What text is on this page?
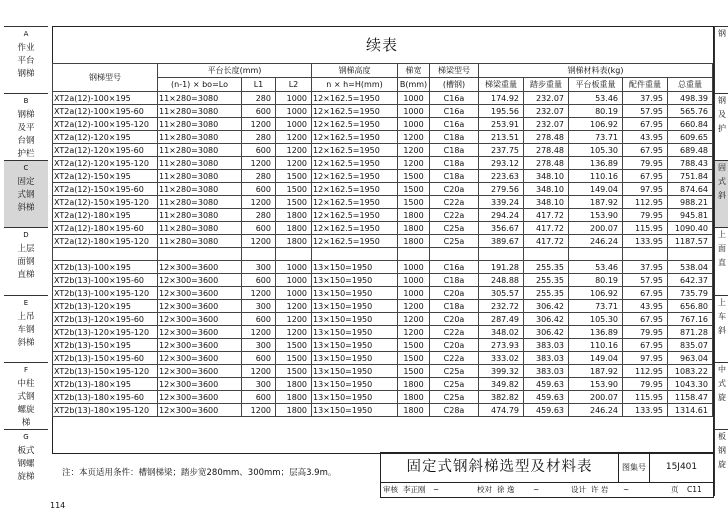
A
作业平台钢梯
B
钢梯及平台钢护栏
C
固定式钢斜梯
D
上层面钢直梯
E
上吊车钢斜梯
F
中柱式钢螺旋梯
G
板式钢螺旋梯
钢
钢及护
固式斜
上面直
上车斜
中式旋
板钢旋
续表
钢梯型号	平台长度(mm)			钢梯高度	梯宽	梯梁型号	钢梯材料表(kg)				
	(n-1) × bo=Lo	L1	L2	n × h=H(mm)	B(mm)	(槽钢)	梯梁重量	踏步重量	平台板重量	配件重量	总重量
XT2a(12)-100×195	11×280=3080	280	1000	12×162.5=1950	1000	C16a	174.92	232.07	53.46	37.95	498.39
XT2a(12)-100×195-60	11×280=3080	600	1000	12×162.5=1950	1000	C16a	195.56	232.07	80.19	57.95	565.76
XT2a(12)-100×195-120	11×280=3080	1200	1000	12×162.5=1950	1000	C16a	253.91	232.07	106.92	67.95	660.84
XT2a(12)-120×195	11×280=3080	280	1200	12×162.5=1950	1200	C18a	213.51	278.48	73.71	43.95	609.65
XT2a(12)-120×195-60	11×280=3080	600	1200	12×162.5=1950	1200	C18a	237.75	278.48	105.30	67.95	689.48
XT2a(12)-120×195-120	11×280=3080	1200	1200	12×162.5=1950	1200	C18a	293.12	278.48	136.89	79.95	788.43
XT2a(12)-150×195	11×280=3080	280	1500	12×162.5=1950	1500	C18a	223.63	348.10	110.16	67.95	751.84
XT2a(12)-150×195-60	11×280=3080	600	1500	12×162.5=1950	1500	C20a	279.56	348.10	149.04	97.95	874.64
XT2a(12)-150×195-120	11×280=3080	1200	1500	12×162.5=1950	1500	C22a	339.24	348.10	187.92	112.95	988.21
XT2a(12)-180×195	11×280=3080	280	1800	12×162.5=1950	1800	C22a	294.24	417.72	153.90	79.95	945.81
XT2a(12)-180×195-60	11×280=3080	600	1800	12×162.5=1950	1800	C25a	356.67	417.72	200.07	115.95	1090.40
XT2a(12)-180×195-120	11×280=3080	1200	1800	12×162.5=1950	1800	C25a	389.67	417.72	246.24	133.95	1187.57

XT2b(13)-100×195	12×300=3600	300	1000	13×150=1950	1000	C16a	191.28	255.35	53.46	37.95	538.04
XT2b(13)-100×195-60	12×300=3600	600	1000	13×150=1950	1000	C18a	248.88	255.35	80.19	57.95	642.37
XT2b(13)-100×195-120	12×300=3600	1200	1000	13×150=1950	1000	C20a	305.57	255.35	106.92	67.95	735.79
XT2b(13)-120×195	12×300=3600	300	1200	13×150=1950	1200	C18a	232.72	306.42	73.71	43.95	656.80
XT2b(13)-120×195-60	12×300=3600	600	1200	13×150=1950	1200	C20a	287.49	306.42	105.30	67.95	767.16
XT2b(13)-120×195-120	12×300=3600	1200	1200	13×150=1950	1200	C22a	348.02	306.42	136.89	79.95	871.28
XT2b(13)-150×195	12×300=3600	300	1500	13×150=1950	1500	C20a	273.93	383.03	110.16	67.95	835.07
XT2b(13)-150×195-60	12×300=3600	600	1500	13×150=1950	1500	C22a	333.02	383.03	149.04	97.95	963.04
XT2b(13)-150×195-120	12×300=3600	1200	1500	13×150=1950	1500	C25a	399.32	383.03	187.92	112.95	1083.22
XT2b(13)-180×195	12×300=3600	300	1800	13×150=1950	1800	C25a	349.82	459.63	153.90	79.95	1043.30
XT2b(13)-180×195-60	12×300=3600	600	1800	13×150=1950	1800	C25a	382.82	459.63	200.07	115.95	1158.47
XT2b(13)-180×195-120	12×300=3600	1200	1800	13×150=1950	1800	C28a	474.79	459.63	246.24	133.95	1314.61
注：本页适用条件：槽钢梯梁；踏步宽280mm、300mm；层高3.9m。	固定式钢斜梯选型及材料表	图集号	15J401
审核 李正刚 ~	校对 徐 逸 ~	设计 许 岩 ~	页 C11
114
